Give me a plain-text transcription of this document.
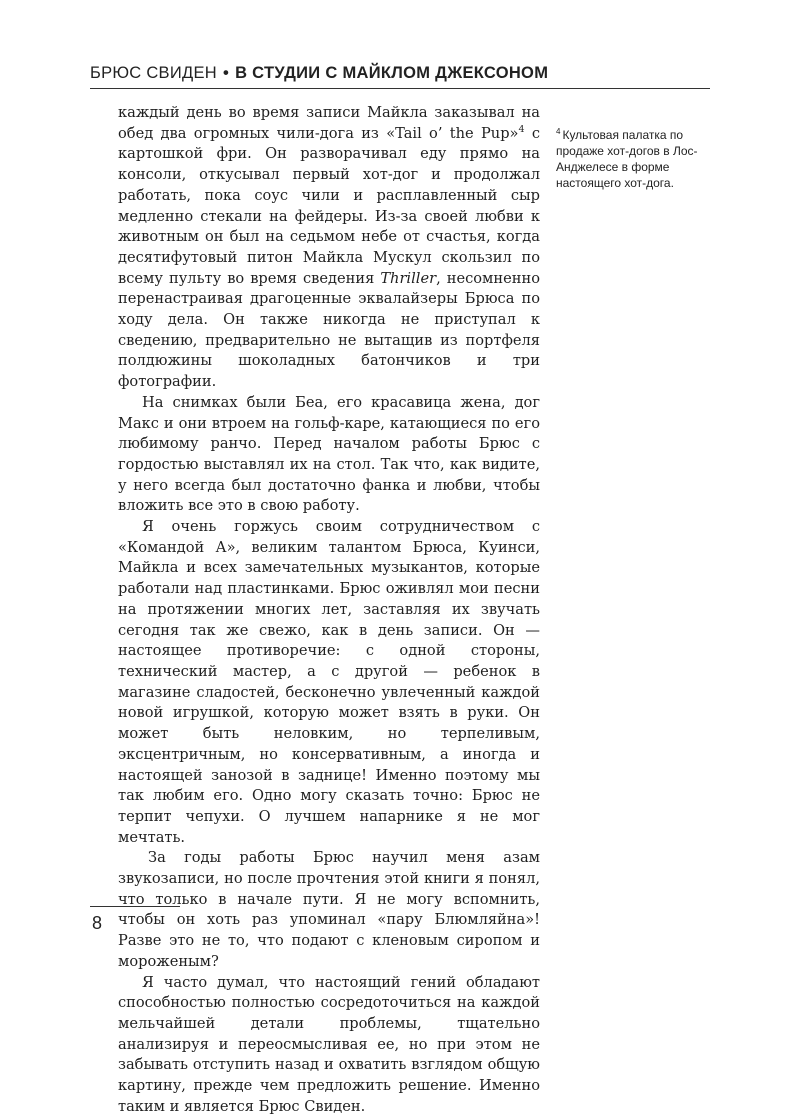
БРЮС СВИДЕН • В СТУДИИ С МАЙКЛОМ ДЖЕКСОНОМ

каждый день во время записи Майкла заказывал на обед два огромных чили-дога из «Tail o’ the Pup»$^4$ с картошкой фри. Он разворачивал еду прямо на консоли, откусывал первый хот-дог и продолжал работать, пока соус чили и расплавленный сыр медленно стекали на фейдеры. Из-за своей любви к животным он был на седьмом небе от счастья, когда десятифутовый питон Майкла Мускул скользил по всему пульту во время сведения Thriller, несомненно перенастраивая драгоценные эквалайзеры Брюса по ходу дела. Он также никогда не приступал к сведению, предварительно не вытащив из портфеля полдюжины шоколадных батончиков и три фотографии.

На снимках были Беа, его красавица жена, дог Макс и они втроем на гольф-каре, катающиеся по его любимому ранчо. Перед началом работы Брюс с гордостью выставлял их на стол. Так что, как видите, у него всегда был достаточно фанка и любви, чтобы вложить все это в свою работу.

Я очень горжусь своим сотрудничеством с «Командой А», великим талантом Брюса, Куинси, Майкла и всех замечательных музыкантов, которые работали над пластинками. Брюс оживлял мои песни на протяжении многих лет, заставляя их звучать сегодня так же свежо, как в день записи. Он — настоящее противоречие: с одной стороны, технический мастер, а с другой — ребенок в магазине сладостей, бесконечно увлеченный каждой новой игрушкой, которую может взять в руки. Он может быть неловким, но терпеливым, эксцентричным, но консервативным, а иногда и настоящей занозой в заднице! Именно поэтому мы так любим его. Одно могу сказать точно: Брюс не терпит чепухи. О лучшем напарнике я не мог мечтать.

За годы работы Брюс научил меня азам звукозаписи, но после прочтения этой книги я понял, что только в начале пути. Я не могу вспомнить, чтобы он хоть раз упоминал «пару Блюмляйна»! Разве это не то, что подают с кленовым сиропом и мороженым?

Я часто думал, что настоящий гений обладают способностью полностью сосредоточиться на каждой мельчайшей детали проблемы, тщательно анализируя и переосмысливая ее, но при этом не забывать отступить назад и охватить взглядом общую картину, прежде чем предложить решение. Именно таким и является Брюс Свиден.

$^4$ Культовая палатка по продаже хот-догов в Лос-Анджелесе в форме настоящего хот-дога.
8
